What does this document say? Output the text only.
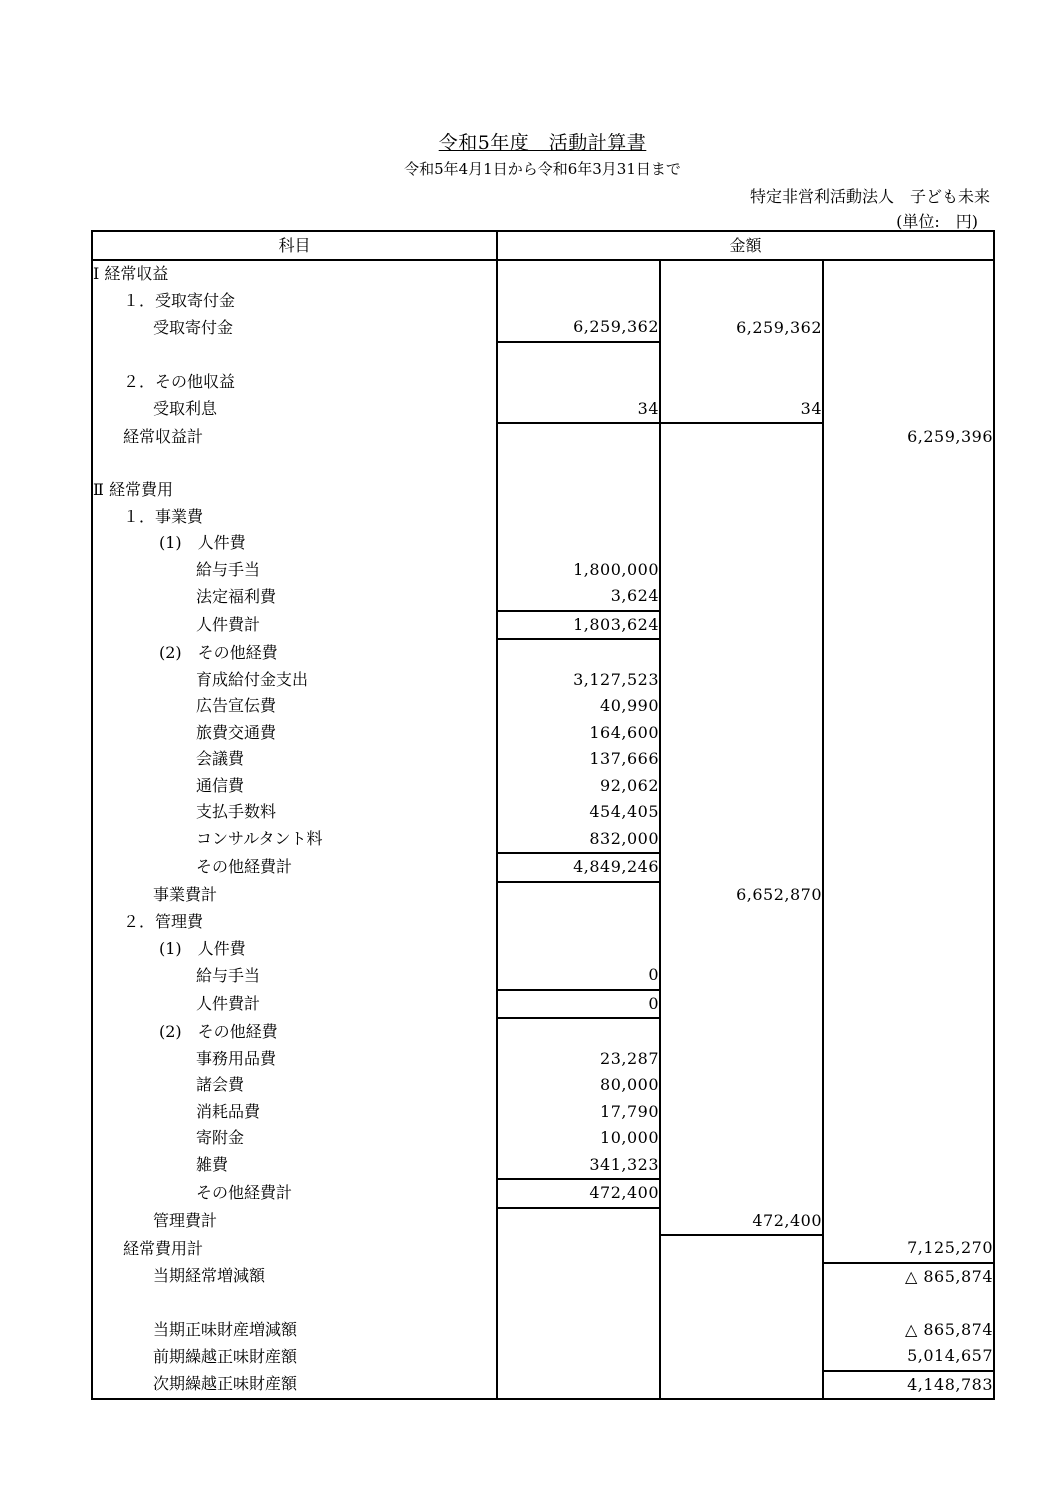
令和5年度　活動計算書
令和5年4月1日から令和6年3月31日まで
特定非営利活動法人　子ども未来
(単位:　円)
科目	金額		
Ⅰ 経常収益			
１．受取寄付金			
受取寄付金	6,259,362	6,259,362	

２．その他収益			
受取利息	34	34	
経常収益計			6,259,396

Ⅱ 経常費用			
１．事業費			
(1)　人件費			
給与手当	1,800,000		
法定福利費	3,624		
人件費計	1,803,624		
(2)　その他経費			
育成給付金支出	3,127,523		
広告宣伝費	40,990		
旅費交通費	164,600		
会議費	137,666		
通信費	92,062		
支払手数料	454,405		
コンサルタント料	832,000		
その他経費計	4,849,246		
事業費計		6,652,870	
２．管理費			
(1)　人件費			
給与手当	0		
人件費計	0		
(2)　その他経費			
事務用品費	23,287		
諸会費	80,000		
消耗品費	17,790		
寄附金	10,000		
雑費	341,323		
その他経費計	472,400		
管理費計		472,400	
経常費用計			7,125,270
当期経常増減額			△ 865,874

当期正味財産増減額			△ 865,874
前期繰越正味財産額			5,014,657
次期繰越正味財産額			4,148,783
